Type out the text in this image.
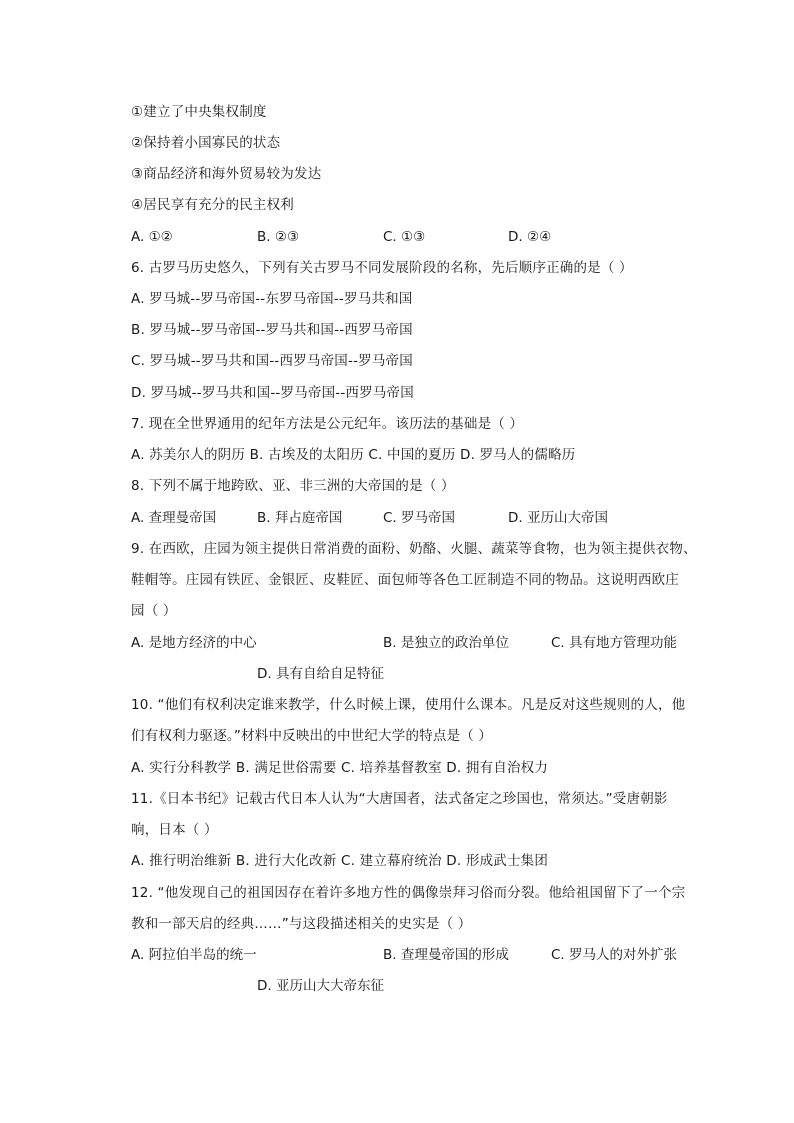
①建立了中央集权制度
②保持着小国寡民的状态
③商品经济和海外贸易较为发达
④居民享有充分的民主权利
A. ①②	B. ②③	C. ①③	D. ②④
6. 古罗马历史悠久，下列有关古罗马不同发展阶段的名称，先后顺序正确的是（ ）
A. 罗马城--罗马帝国--东罗马帝国--罗马共和国
B. 罗马城--罗马帝国--罗马共和国--西罗马帝国
C. 罗马城--罗马共和国--西罗马帝国--罗马帝国
D. 罗马城--罗马共和国--罗马帝国--西罗马帝国
7. 现在全世界通用的纪年方法是公元纪年。该历法的基础是（ ）
A. 苏美尔人的阴历 B. 古埃及的太阳历 C. 中国的夏历 D. 罗马人的儒略历
8. 下列不属于地跨欧、亚、非三洲的大帝国的是（ ）
A. 查理曼帝国	B. 拜占庭帝国	C. 罗马帝国	D. 亚历山大帝国
9. 在西欧，庄园为领主提供日常消费的面粉、奶酪、火腿、蔬菜等食物，也为领主提供衣物、
鞋帽等。庄园有铁匠、金银匠、皮鞋匠、面包师等各色工匠制造不同的物品。这说明西欧庄
园（ ）
A. 是地方经济的中心	B. 是独立的政治单位	C. 具有地方管理功能
D. 具有自给自足特征
10. “他们有权利决定谁来教学，什么时候上课，使用什么课本。凡是反对这些规则的人，他
们有权利力驱逐。”材料中反映出的中世纪大学的特点是（ ）
A. 实行分科教学 B. 满足世俗需要 C. 培养基督教室 D. 拥有自治权力
11.《日本书纪》记载古代日本人认为“大唐国者，法式备定之珍国也，常须达。”受唐朝影
响，日本（ ）
A. 推行明治维新 B. 进行大化改新 C. 建立幕府统治 D. 形成武士集团
12. “他发现自己的祖国因存在着许多地方性的偶像崇拜习俗而分裂。他给祖国留下了一个宗
教和一部天启的经典……”与这段描述相关的史实是（ ）
A. 阿拉伯半岛的统一	B. 查理曼帝国的形成	C. 罗马人的对外扩张
D. 亚历山大大帝东征
